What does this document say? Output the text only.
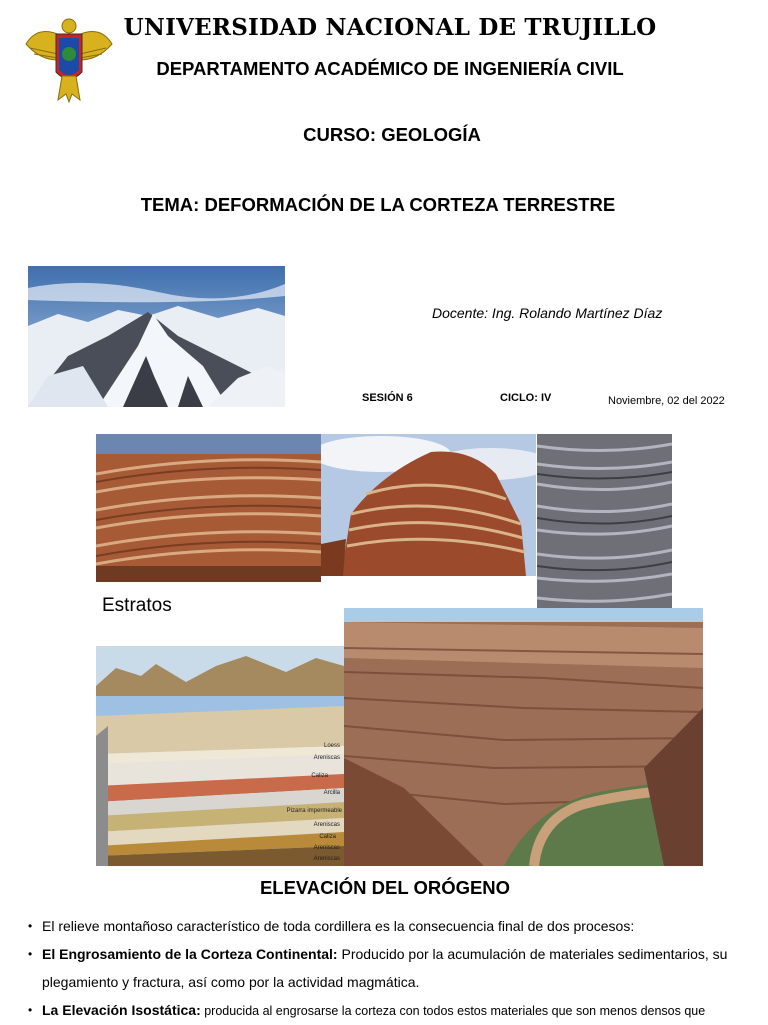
UNIVERSIDAD NACIONAL DE TRUJILLO
DEPARTAMENTO ACADÉMICO DE INGENIERÍA CIVIL
CURSO: GEOLOGÍA
TEMA: DEFORMACIÓN DE LA CORTEZA TERRESTRE
Docente: Ing. Rolando Martínez Díaz
SESIÓN 6	CICLO: IV	Noviembre, 02 del 2022
Estratos
Loess
Areniscas
Caliza
Arcilla
Pizarra impermeable
Areniscas
Caliza
Areniscas
Areniscas
ELEVACIÓN DEL ORÓGENO
• El relieve montañoso característico de toda cordillera es la consecuencia final de dos procesos:
• El Engrosamiento de la Corteza Continental: Producido por la acumulación de materiales sedimentarios, su plegamiento y fractura, así como por la actividad magmática.
• La Elevación Isostática: producida al engrosarse la corteza con todos estos materiales que son menos densos que
